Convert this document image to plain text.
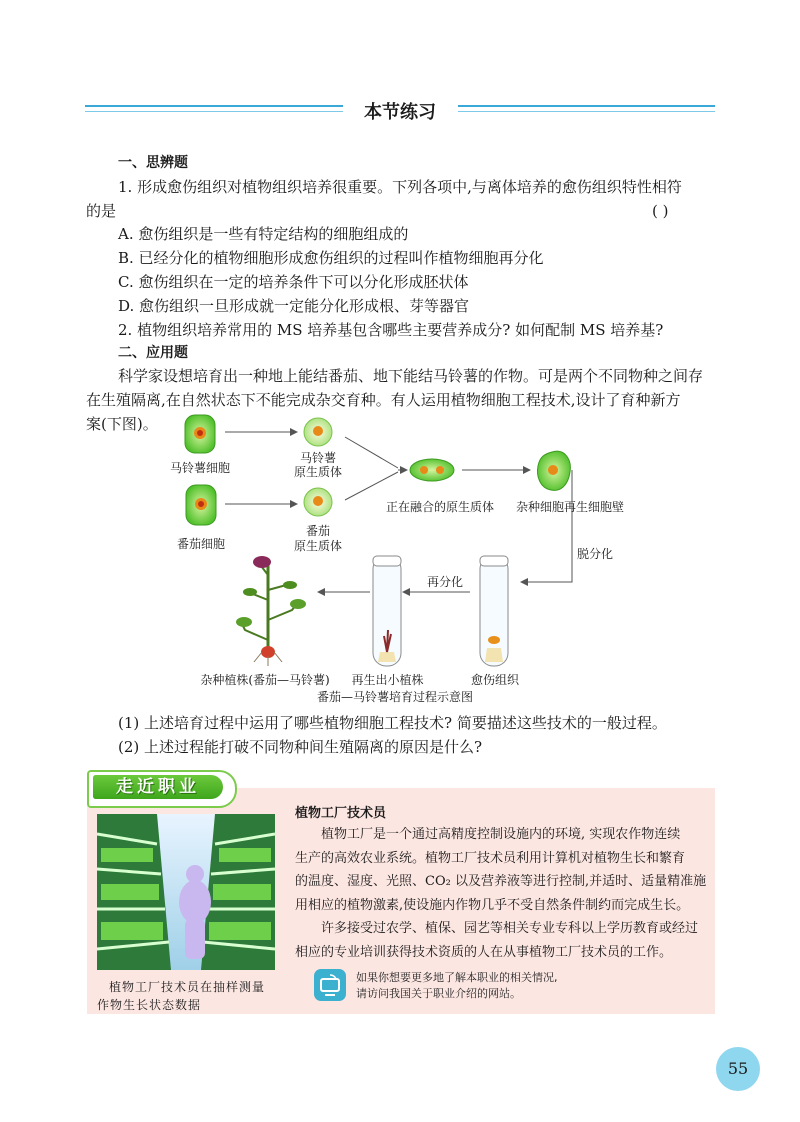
本节练习
一、思辨题
1. 形成愈伤组织对植物组织培养很重要。下列各项中,与离体培养的愈伤组织特性相符
的是	( )
A. 愈伤组织是一些有特定结构的细胞组成的
B. 已经分化的植物细胞形成愈伤组织的过程叫作植物细胞再分化
C. 愈伤组织在一定的培养条件下可以分化形成胚状体
D. 愈伤组织一旦形成就一定能分化形成根、芽等器官
2. 植物组织培养常用的 MS 培养基包含哪些主要营养成分? 如何配制 MS 培养基?
二、应用题
科学家设想培育出一种地上能结番茄、地下能结马铃薯的作物。可是两个不同物种之间存
在生殖隔离,在自然状态下不能完成杂交育种。有人运用植物细胞工程技术,设计了育种新方
案(下图)。
马铃薯细胞
马铃薯
原生质体
番茄细胞
番茄
原生质体
正在融合的原生质体	杂种细胞再生细胞壁
脱分化
再分化
杂种植株(番茄—马铃薯)	再生出小植株	愈伤组织
番茄—马铃薯培育过程示意图
(1) 上述培育过程中运用了哪些植物细胞工程技术? 简要描述这些技术的一般过程。
(2) 上述过程能打破不同物种间生殖隔离的原因是什么?
走近职业
植物工厂技术员在抽样测量
作物生长状态数据
植物工厂技术员
植物工厂是一个通过高精度控制设施内的环境, 实现农作物连续
生产的高效农业系统。植物工厂技术员利用计算机对植物生长和繁育
的温度、湿度、光照、CO₂ 以及营养液等进行控制,并适时、适量精准施
用相应的植物激素,使设施内作物几乎不受自然条件制约而完成生长。
许多接受过农学、植保、园艺等相关专业专科以上学历教育或经过
相应的专业培训获得技术资质的人在从事植物工厂技术员的工作。
如果你想要更多地了解本职业的相关情况,
请访问我国关于职业介绍的网站。
55
